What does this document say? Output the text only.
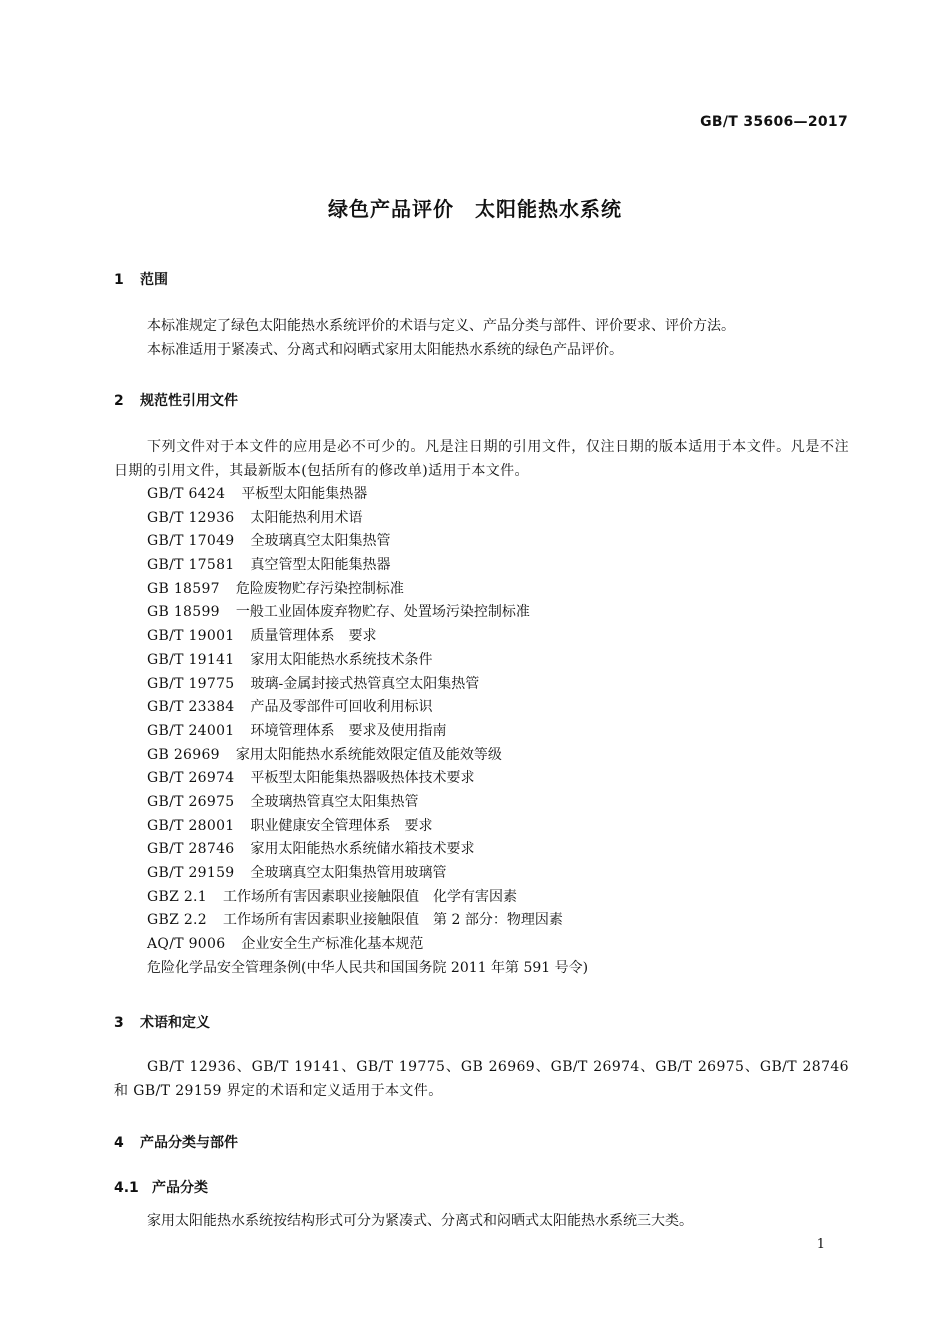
GB/T 35606—2017
绿色产品评价　太阳能热水系统
1 范围

本标准规定了绿色太阳能热水系统评价的术语与定义、产品分类与部件、评价要求、评价方法。

本标准适用于紧凑式、分离式和闷晒式家用太阳能热水系统的绿色产品评价。

2 规范性引用文件

下列文件对于本文件的应用是必不可少的。凡是注日期的引用文件，仅注日期的版本适用于本文件。凡是不注日期的引用文件，其最新版本(包括所有的修改单)适用于本文件。

GB/T 6424 平板型太阳能集热器
GB/T 12936 太阳能热利用术语
GB/T 17049 全玻璃真空太阳集热管
GB/T 17581 真空管型太阳能集热器
GB 18597 危险废物贮存污染控制标准
GB 18599 一般工业固体废弃物贮存、处置场污染控制标准
GB/T 19001 质量管理体系　要求
GB/T 19141 家用太阳能热水系统技术条件
GB/T 19775 玻璃-金属封接式热管真空太阳集热管
GB/T 23384 产品及零部件可回收利用标识
GB/T 24001 环境管理体系　要求及使用指南
GB 26969 家用太阳能热水系统能效限定值及能效等级
GB/T 26974 平板型太阳能集热器吸热体技术要求
GB/T 26975 全玻璃热管真空太阳集热管
GB/T 28001 职业健康安全管理体系　要求
GB/T 28746 家用太阳能热水系统储水箱技术要求
GB/T 29159 全玻璃真空太阳集热管用玻璃管
GBZ 2.1 工作场所有害因素职业接触限值　化学有害因素
GBZ 2.2 工作场所有害因素职业接触限值　第 2 部分：物理因素
AQ/T 9006 企业安全生产标准化基本规范
危险化学品安全管理条例(中华人民共和国国务院 2011 年第 591 号令)
3 术语和定义

GB/T 12936、GB/T 19141、GB/T 19775、GB 26969、GB/T 26974、GB/T 26975、GB/T 28746 和 GB/T 29159 界定的术语和定义适用于本文件。

4 产品分类与部件
4.1 产品分类

家用太阳能热水系统按结构形式可分为紧凑式、分离式和闷晒式太阳能热水系统三大类。

1
